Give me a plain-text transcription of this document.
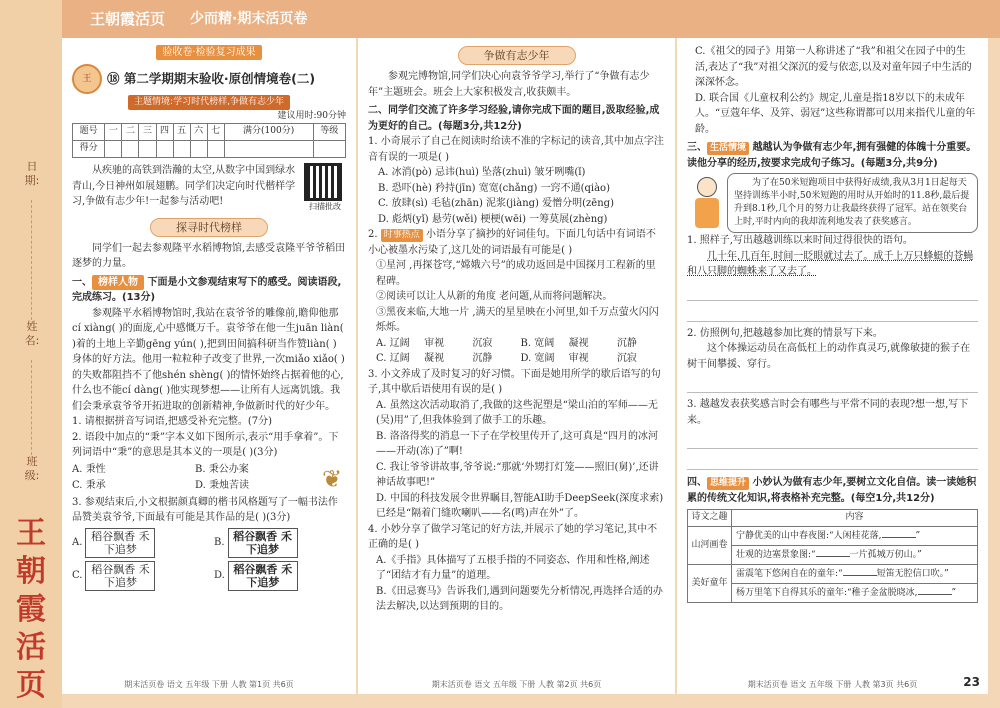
日期:
姓名:
班级:
王朝霞活页
王朝霞活页 少而精·期末活页卷
验收卷·检验复习成果
王	⑱ 第二学期期末验收·原创情境卷(二)
主题情境:学习时代榜样,争做有志少年
建议用时:90分钟
题号	一	二	三	四	五	六	七	满分(100分)	等级
得分									
从疾驰的高铁到浩瀚的太空,从数字中国到绿水青山,今日神州如展翅鹏。同学们决定向时代楷样学习,争做有志少年!一起参与活动吧!	扫描批改
探寻时代榜样
同学们一起去参观隆平水稻博物馆,去感受袁隆平爷爷稻田逐梦的力量。
一、 榜样人物 下面是小文参观结束写下的感受。阅读语段,完成练习。(13分)
参观隆平水稻博物馆时,我站在袁爷爷的雕像前,瞻仰他那cí xiàng( )的面庞,心中感慨万千。袁爷爷在他一生juān liàn( )着的土地上辛勤gēng yún( ),把到田间搞科研当作赞liàn( )身体的好方法。他用一粒粒种子改变了世界,一次miǎo xiǎo( )的失败都阻挡不了他shén shèng( )的情怀始终占据着他的心,什么也不能cí dàng( )他实现梦想——让所有人远离饥饿。我们会秉承袁爷爷开拓进取的创新精神,争做新时代的好少年。
1. 请根据拼音写词语,把感受补充完整。(7分)
2. 语段中加点的“秉”字本义如下图所示,表示“用手拿着”。下列词语中“秉”的意思是其本义的一项是( )(3分)
A. 秉性	B. 秉公办案
C. 秉承	D. 秉烛苦读	❦
3. 参观结束后,小文根据颜真卿的楷书风格题写了一幅书法作品赞美袁爷爷,下面最有可能是其作品的是( )(3分)
A. 稻谷飘香 禾下追梦
B. 稻谷飘香 禾下追梦
C. 稻谷飘香 禾下追梦
D. 稻谷飘香 禾下追梦
期末活页卷 语文 五年级 下册 人教 第1页 共6页
争做有志少年
参观完博物馆,同学们决心向袁爷爷学习,举行了“争做有志少年”主题班会。班会上大家积极发言,收获颇丰。
二、同学们交流了许多学习经验,请你完成下面的题目,汲取经验,成为更好的自己。(每题3分,共12分)
1. 小奇展示了自己在阅读时给读不准的字标记的读音,其中加点字注音有误的一项是( )
A. 冰消(pò) 忌讳(huì) 坠落(zhuì) 皱牙咧嘴(ǐ)
B. 恐吓(hè) 矜持(jīn) 宽宽(chǎng) 一窍不通(qiào)
C. 放肆(sì) 毛毡(zhān) 泥浆(jiàng) 爱憎分明(zēng)
D. 彪炳(yǐ) 悬劳(wěi) 梗梗(wēi) 一筹莫展(zhèng)
2. 时事热点 小语分享了摘抄的好词佳句。下面几句话中有词语不小心被墨水污染了,这几处的词语最有可能是( )
①星河 ,再探苍穹,“嫦娥六号”的成功返回是中国探月工程新的里程碑。
②阅读可以让人从新的角度 老问题,从而将问题解决。
③黑夜来临,大地一片 ,满天的星星映在小河里,如千万点萤火闪闪烁烁。
A. 辽阔	审视	沉寂	B. 宽阔	凝视	沉静
C. 辽阔	凝视	沉静	D. 宽阔	审视	沉寂
3. 小文养成了及时复习的好习惯。下面是她用所学的歇后语写的句子,其中歇后语使用有误的是( )
A. 虽然这次活动取消了,我做的这些泥塑是“梁山泊的军师——无(吴)用”了,但我体验到了做手工的乐趣。
B. 洛洛得奖的消息一下子在学校里传开了,这可真是“四月的冰河——开动(冻)了”啊!
C. 我让爷爷讲故事,爷爷说:“那就‘外甥打灯笼——照旧(舅)’,还讲神话故事吧!”
D. 中国的科技发展令世界瞩目,智能AI助手DeepSeek(深度求索)已经是“隔着门缝吹喇叭——名(鸣)声在外”了。
4. 小妙分享了做学习笔记的好方法,并展示了她的学习笔记,其中不正确的是( )
A.《手指》具体描写了五根手指的不同姿态、作用和性格,阐述了“团结才有力量”的道理。
B.《田忌赛马》告诉我们,遇到问题要先分析情况,再选择合适的办法去解决,以达到预期的目的。
期末活页卷 语文 五年级 下册 人教 第2页 共6页
C.《祖父的园子》用第一人称讲述了“我”和祖父在园子中的生活,表达了“我”对祖父深沉的爱与依恋,以及对童年园子中生活的深深怀念。
D. 联合国《儿童权利公约》规定,儿童是指18岁以下的未成年人。“豆蔻年华、及笄、弱冠”这些称谓都可以用来指代儿童的年龄。
三、 生活情境 越越认为争做有志少年,拥有强健的体魄十分重要。读他分享的经历,按要求完成句子练习。(每题3分,共9分)
为了在50米短跑项目中获得好成绩,我从3月1日起每天坚持训练半小时,50米短跑的用时从开始时的11.8秒,最后提升到8.1秒,几个月的努力让我最终获得了冠军。站在领奖台上时,平时内向的我却流利地发表了获奖感言。
1. 照样子,写出越越训练以来时间过得很快的语句。
几十年,几百年,时间一眨眼就过去了。成千上万只蜂蜓的苍蝇和八只脚的蜘蛛来了又去了。
2. 仿照例句,把越越参加比赛的情景写下来。
这个体操运动员在高低杠上的动作真灵巧,就像敏捷的猴子在树干间攀援、穿行。
3. 越越发表获奖感言时会有哪些与平常不同的表现?想一想,写下来。
四、 思维提升 小妙认为做有志少年,要树立文化自信。读一读她积累的传统文化知识,将表格补充完整。(每空1分,共12分)
诗文之趣	内容
山河画卷	宁静优美的山中春夜图:“人闲桂花落, ”
	壮观的边塞景象图:“ 一片孤城万仞山。”
美好童年	雷震笔下悠闲自在的童年:“ 短笛无腔信口吹。”
	杨万里笔下自得其乐的童年:“稚子金盆脱晓冰, ”
期末活页卷 语文 五年级 下册 人教 第3页 共6页	23
